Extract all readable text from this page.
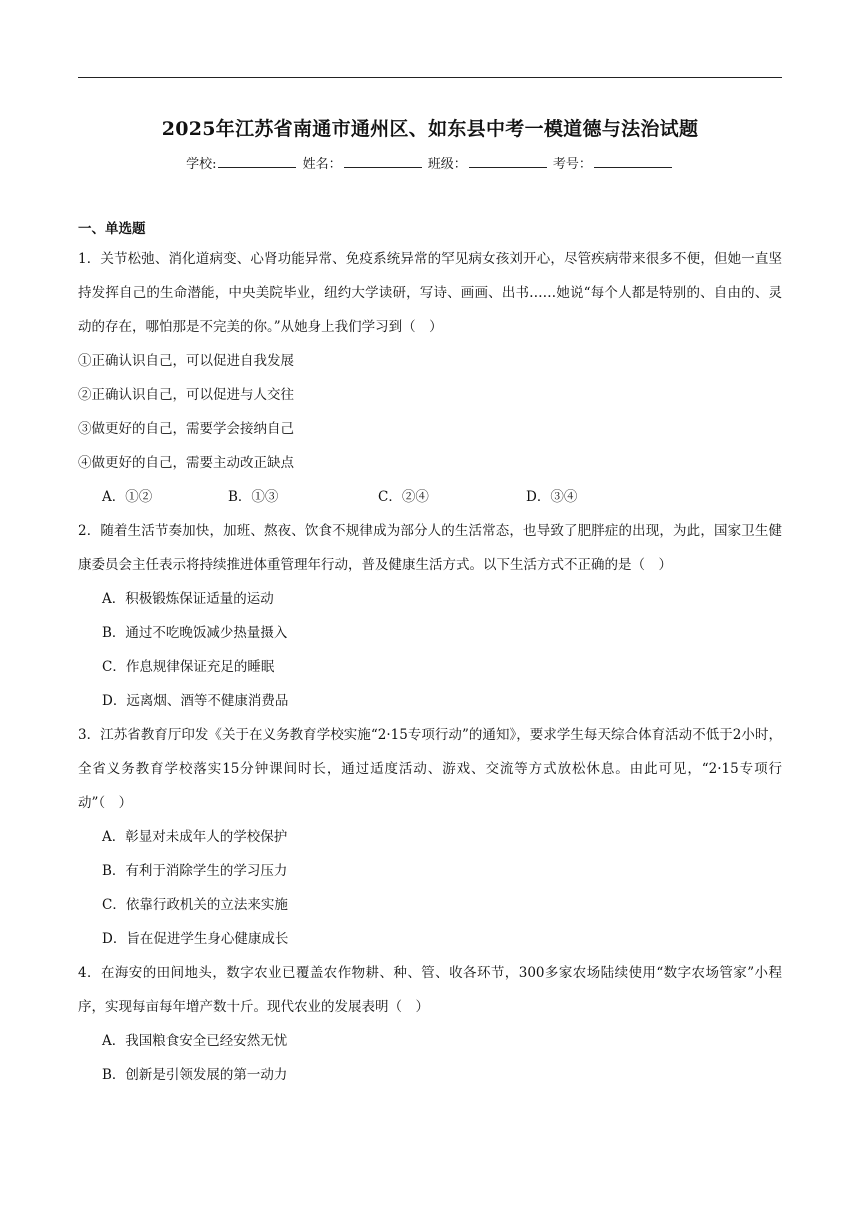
2025年江苏省南通市通州区、如东县中考一模道德与法治试题
学校:	姓名：	班级：	考号：
一、单选题
1．关节松弛、消化道病变、心肾功能异常、免疫系统异常的罕见病女孩刘开心，尽管疾病带来很多不便，但她一直坚持发挥自己的生命潜能，中央美院毕业，纽约大学读研，写诗、画画、出书……她说“每个人都是特别的、自由的、灵动的存在，哪怕那是不完美的你。”从她身上我们学习到（　）
①正确认识自己，可以促进自我发展
②正确认识自己，可以促进与人交往
③做更好的自己，需要学会接纳自己
④做更好的自己，需要主动改正缺点
A．①②	B．①③	C．②④	D．③④
2．随着生活节奏加快，加班、熬夜、饮食不规律成为部分人的生活常态，也导致了肥胖症的出现，为此，国家卫生健康委员会主任表示将持续推进体重管理年行动，普及健康生活方式。以下生活方式不正确的是（　）
A．积极锻炼保证适量的运动
B．通过不吃晚饭减少热量摄入
C．作息规律保证充足的睡眠
D．远离烟、酒等不健康消费品
3．江苏省教育厅印发《关于在义务教育学校实施“2·15专项行动”的通知》，要求学生每天综合体育活动不低于2小时，全省义务教育学校落实15分钟课间时长，通过适度活动、游戏、交流等方式放松休息。由此可见，“2·15专项行动”（　）
A．彰显对未成年人的学校保护
B．有利于消除学生的学习压力
C．依靠行政机关的立法来实施
D．旨在促进学生身心健康成长
4．在海安的田间地头，数字农业已覆盖农作物耕、种、管、收各环节，300多家农场陆续使用“数字农场管家”小程序，实现每亩每年增产数十斤。现代农业的发展表明（　）
A．我国粮食安全已经安然无忧
B．创新是引领发展的第一动力
